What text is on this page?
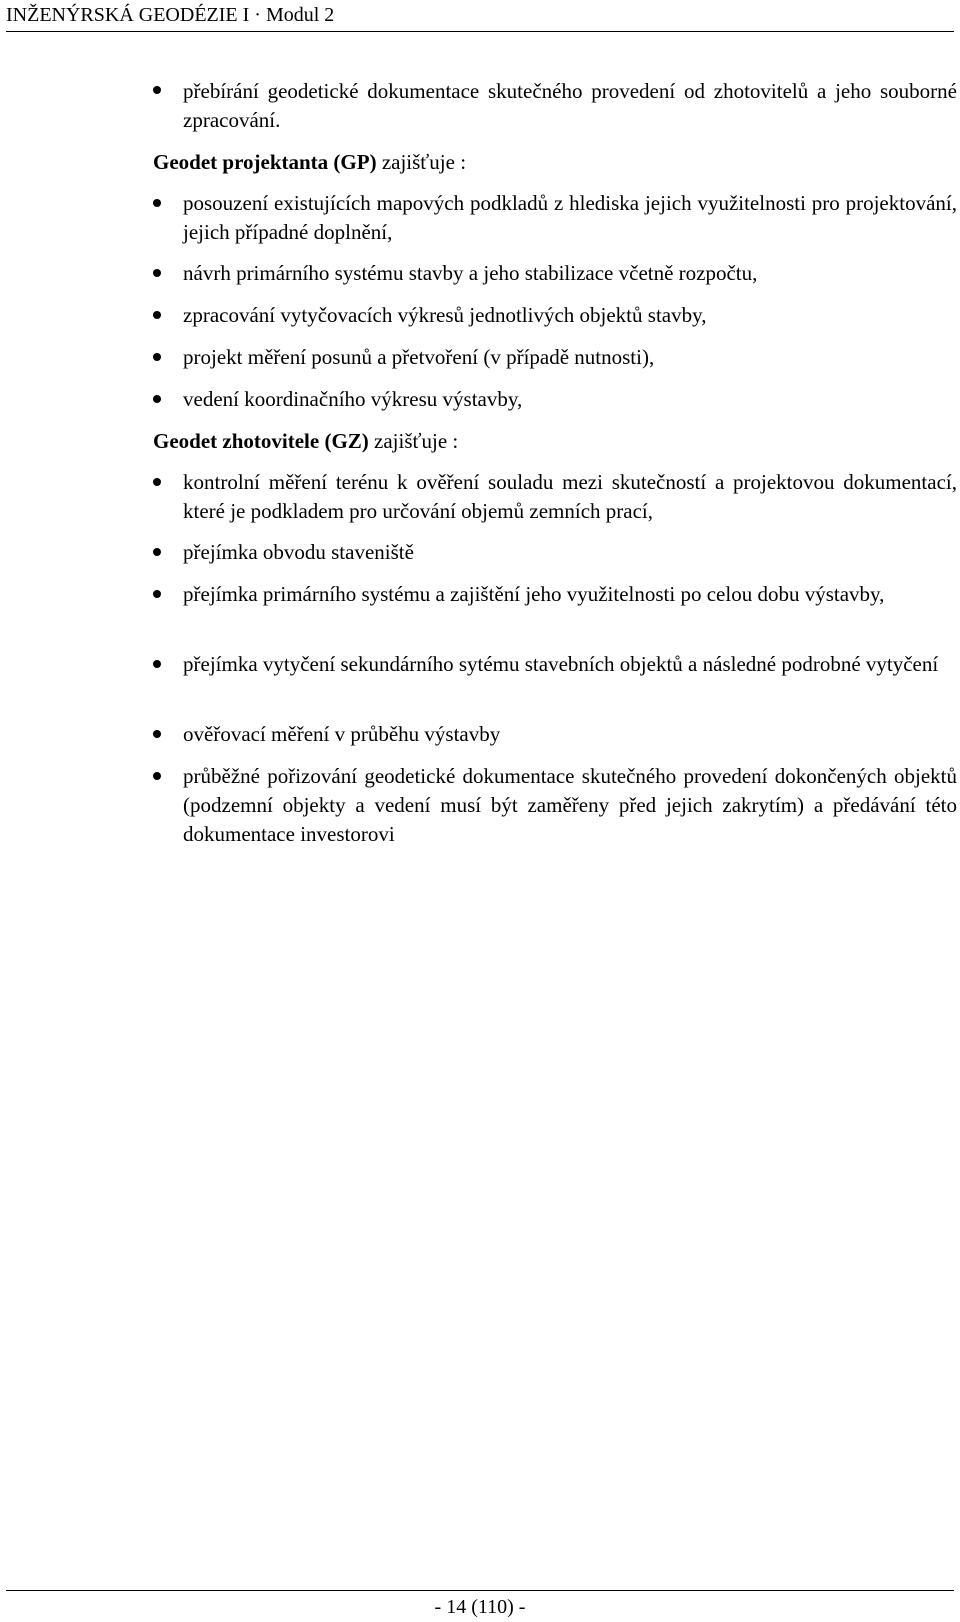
INŽENÝRSKÁ GEODÉZIE I · Modul 2
přebírání geodetické dokumentace skutečného provedení od zhotovitelů a jeho souborné zpracování.
Geodet projektanta (GP) zajišťuje :
posouzení existujících mapových podkladů z hlediska jejich využitelnosti pro projektování, jejich případné doplnění,
návrh primárního systému stavby a jeho stabilizace včetně rozpočtu,
zpracování vytyčovacích výkresů jednotlivých objektů stavby,
projekt měření posunů a přetvoření (v případě nutnosti),
vedení koordinačního výkresu výstavby,
Geodet zhotovitele (GZ) zajišťuje :
kontrolní měření terénu k ověření souladu mezi skutečností a projektovou dokumentací, které je podkladem pro určování objemů zemních prací,
přejímka obvodu staveniště
přejímka primárního systému a zajištění jeho využitelnosti po celou dobu výstavby,
přejímka vytyčení sekundárního sytému stavebních objektů a následné podrobné vytyčení
ověřovací měření v průběhu výstavby
průběžné pořizování geodetické dokumentace skutečného provedení dokončených objektů (podzemní objekty a vedení musí být zaměřeny před jejich zakrytím) a předávání této dokumentace investorovi
- 14 (110) -
